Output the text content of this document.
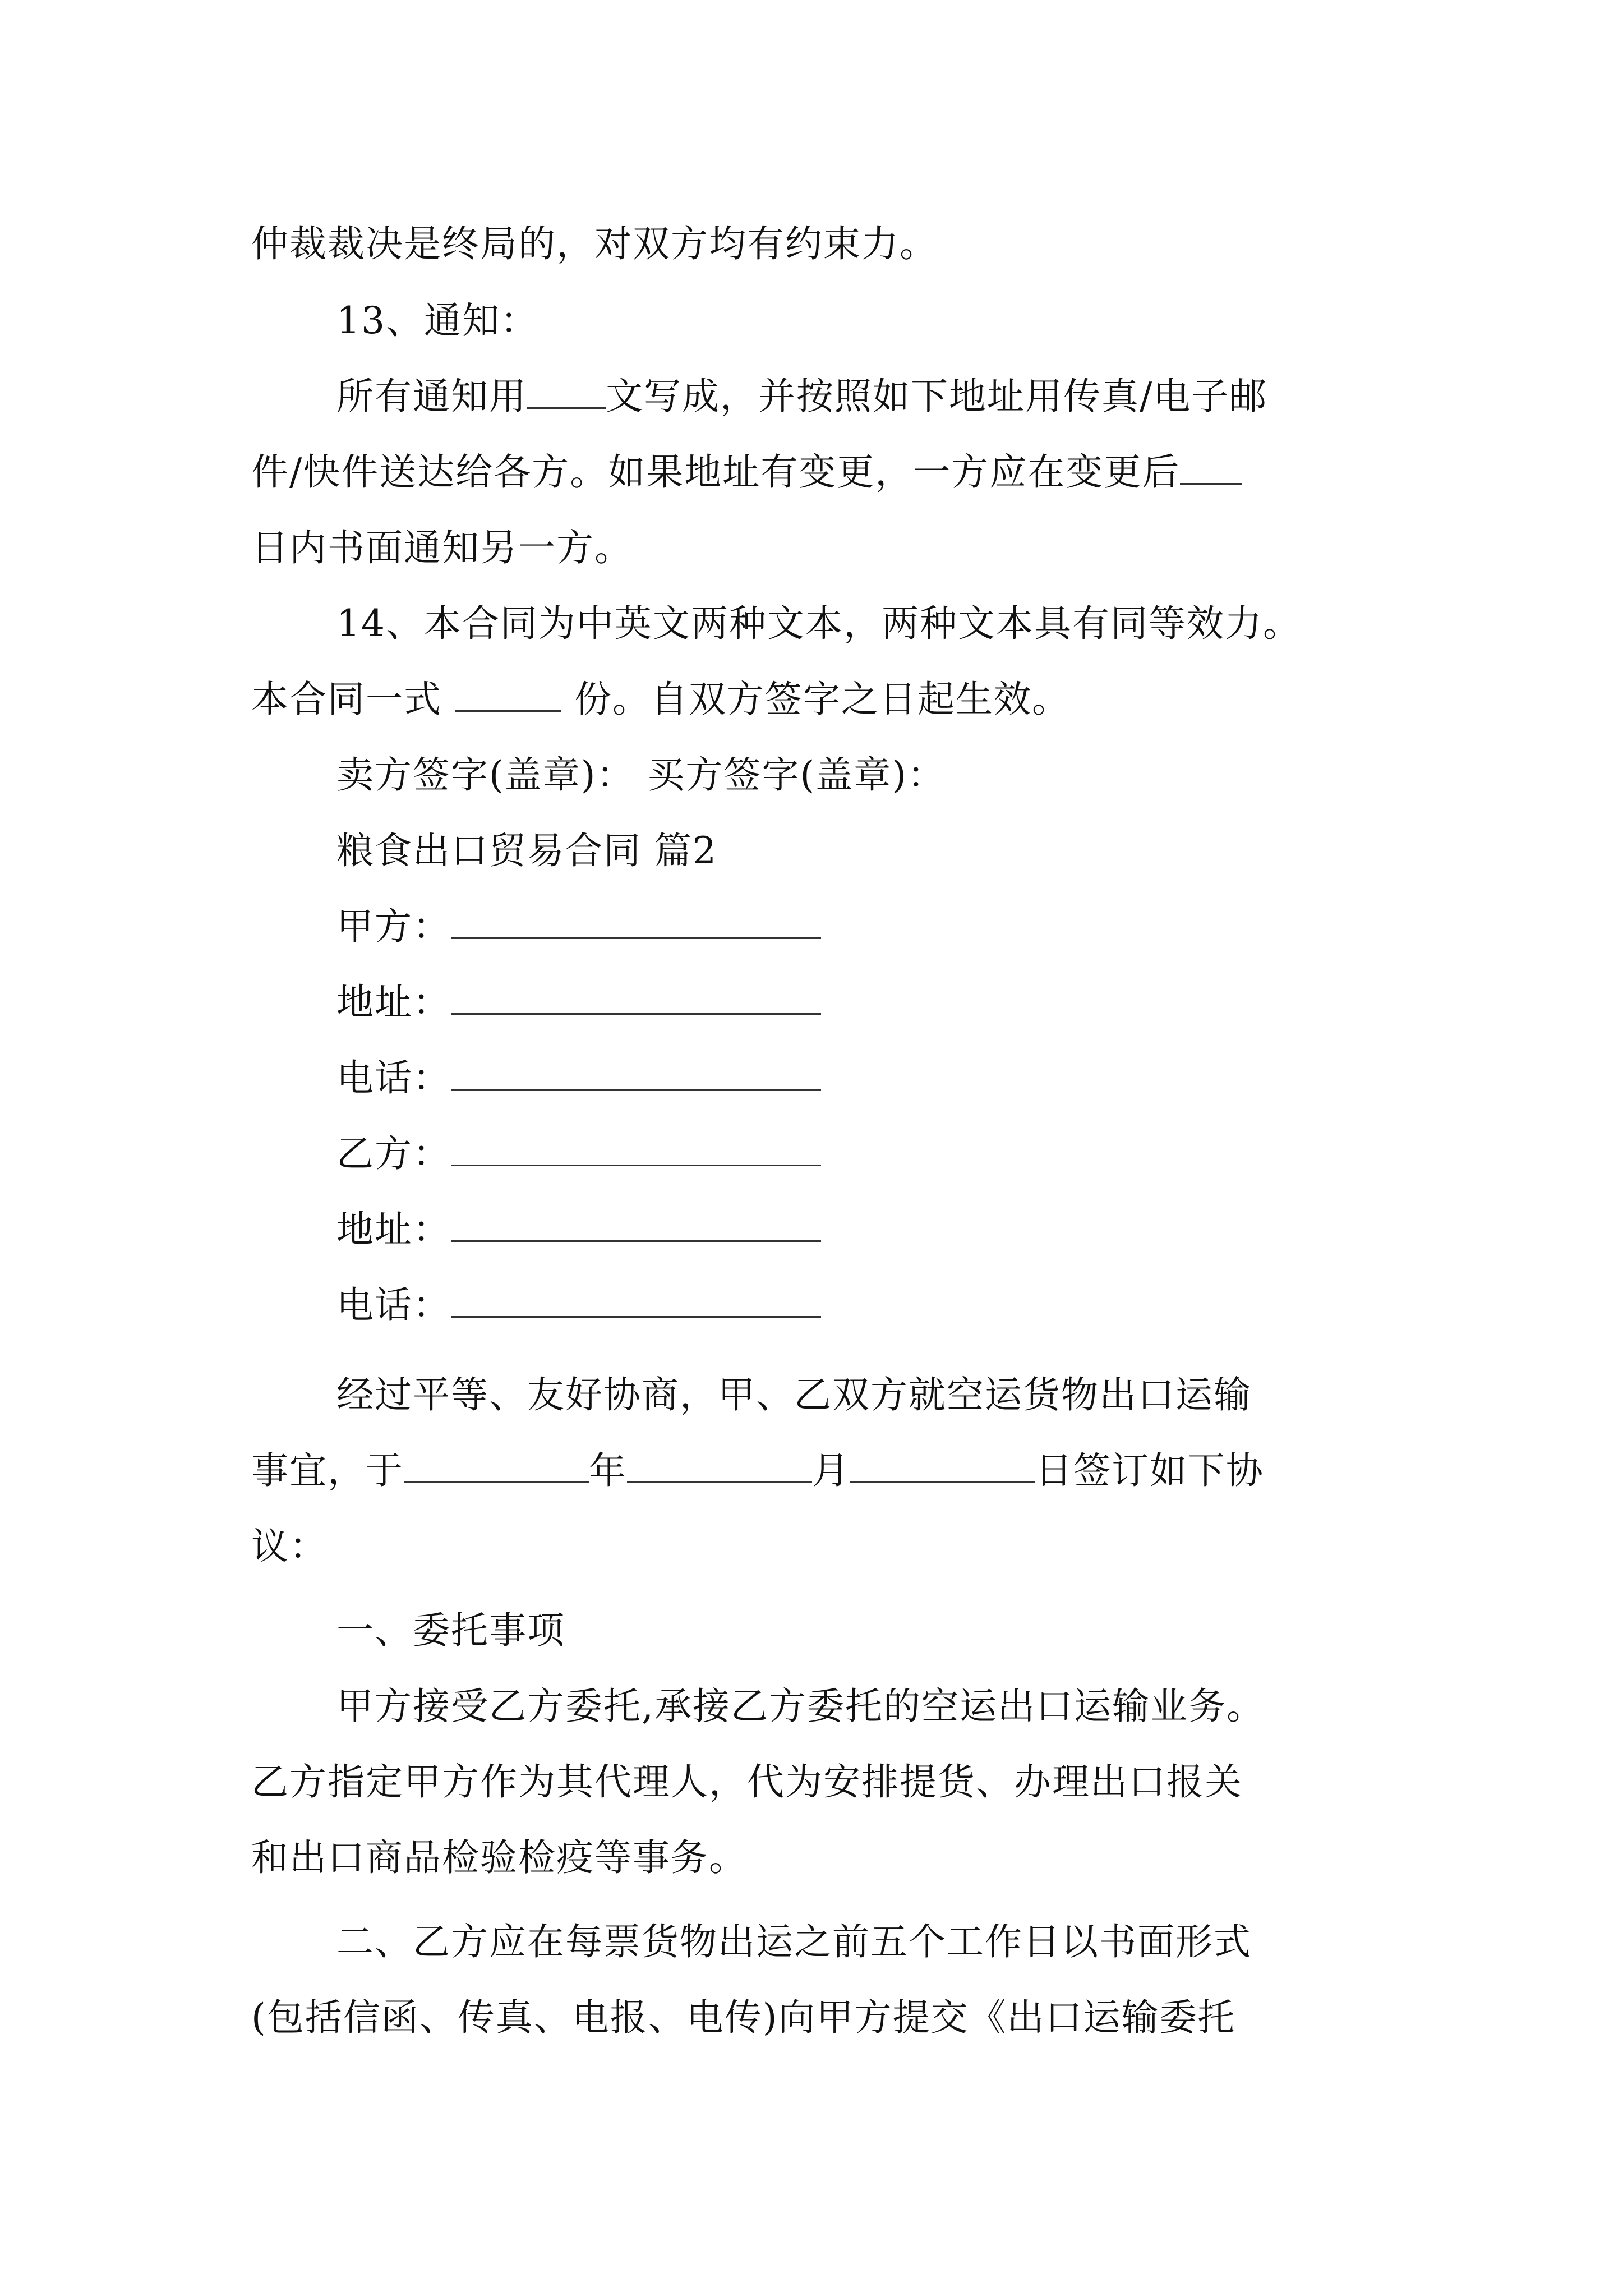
仲裁裁决是终局的，对双方均有约束力。
13、通知：
所有通知用 文写成，并按照如下地址用传真/电子邮
件/快件送达给各方。如果地址有变更，一方应在变更后
日内书面通知另一方。
14、本合同为中英文两种文本，两种文本具有同等效力。
本合同一式	份。自双方签字之日起生效。
卖方签字(盖章)： 买方签字(盖章)：
粮食出口贸易合同 篇2
甲方：
地址：
电话：
乙方：
地址：
电话：
经过平等、友好协商，甲、乙双方就空运货物出口运输
事宜，于	年	月	日签订如下协
议：
一、委托事项
甲方接受乙方委托,承接乙方委托的空运出口运输业务。
乙方指定甲方作为其代理人，代为安排提货、办理出口报关
和出口商品检验检疫等事务。
二、乙方应在每票货物出运之前五个工作日以书面形式
(包括信函、传真、电报、电传)向甲方提交《出口运输委托
